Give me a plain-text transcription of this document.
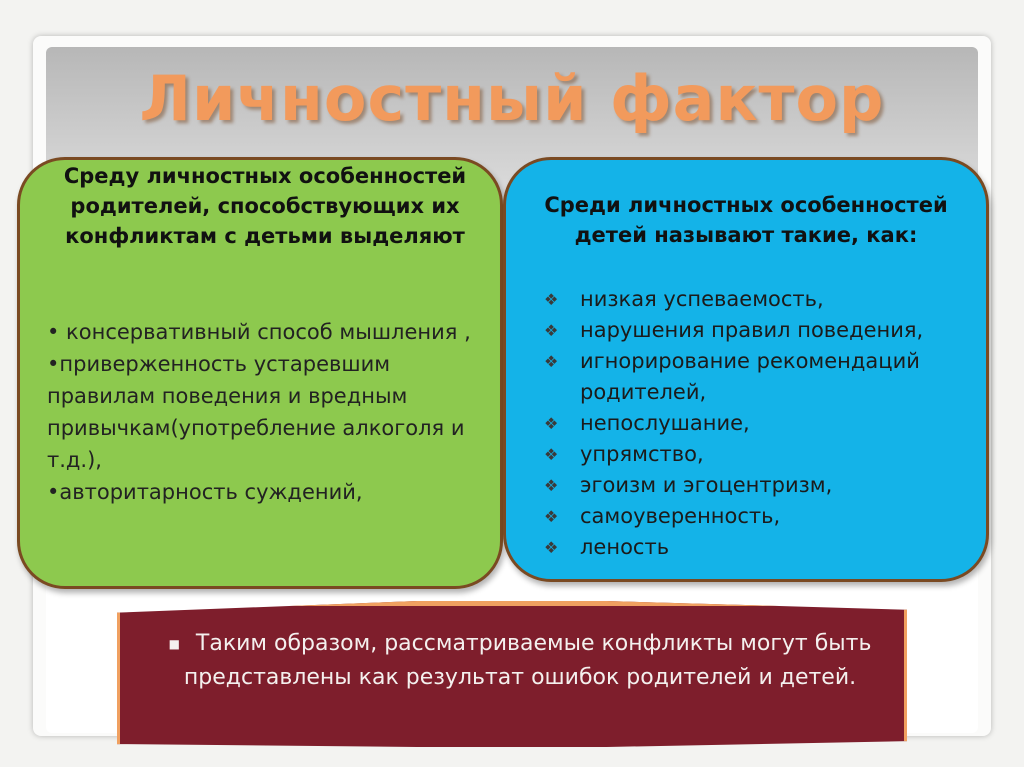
Личностный фактор

Среду личностных особенностей родителей, способствующих их конфликтам с детьми выделяют

• консервативный способ мышления ,
•приверженность устаревшим правилам поведения и вредным привычкам(употребление алкоголя и т.д.),
•авторитарность суждений,

Среди личностных особенностей детей называют такие, как:

❖ низкая успеваемость,
❖ нарушения правил поведения,
❖ игнорирование рекомендаций родителей,
❖ непослушание,
❖ упрямство,
❖ эгоизм и эгоцентризм,
❖ самоуверенность,
❖ леность

■ Таким образом, рассматриваемые конфликты могут быть представлены как результат ошибок родителей и детей.
